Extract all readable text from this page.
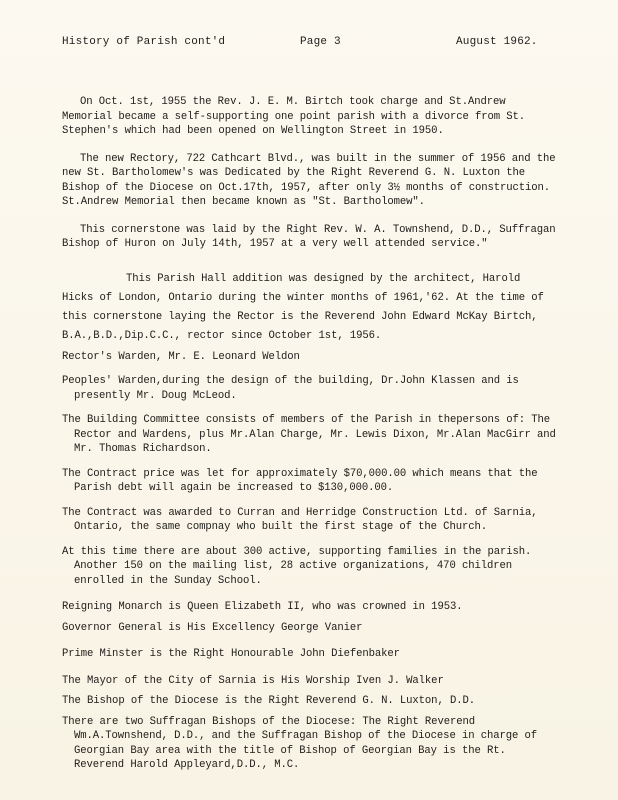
History of Parish cont'd	Page 3	August 1962.

On Oct. 1st, 1955 the Rev. J. E. M. Birtch took charge and St.Andrew Memorial became a self-supporting one point parish with a divorce from St. Stephen's which had been opened on Wellington Street in 1950.

The new Rectory, 722 Cathcart Blvd., was built in the summer of 1956 and the new St. Bartholomew's was Dedicated by the Right Reverend G. N. Luxton the Bishop of the Diocese on Oct.17th, 1957, after only 3½ months of construction. St.Andrew Memorial then became known as "St. Bartholomew".

This cornerstone was laid by the Right Rev. W. A. Townshend, D.D., Suffragan Bishop of Huron on July 14th, 1957 at a very well attended service."

This Parish Hall addition was designed by the architect, Harold Hicks of London, Ontario during the winter months of 1961,'62. At the time of this cornerstone laying the Rector is the Reverend John Edward McKay Birtch, B.A.,B.D.,Dip.C.C., rector since October 1st, 1956.

Rector's Warden, Mr. E. Leonard Weldon

Peoples' Warden,during the design of the building, Dr.John Klassen and is presently Mr. Doug McLeod.

The Building Committee consists of members of the Parish in thepersons of: The Rector and Wardens, plus Mr.Alan Charge, Mr. Lewis Dixon, Mr.Alan MacGirr and Mr. Thomas Richardson.

The Contract price was let for approximately $70,000.00 which means that the Parish debt will again be increased to $130,000.00.

The Contract was awarded to Curran and Herridge Construction Ltd. of Sarnia, Ontario, the same compnay who built the first stage of the Church.

At this time there are about 300 active, supporting families in the parish. Another 150 on the mailing list, 28 active organizations, 470 children enrolled in the Sunday School.

Reigning Monarch is Queen Elizabeth II, who was crowned in 1953.

Governor General is His Excellency George Vanier

Prime Minster is the Right Honourable John Diefenbaker

The Mayor of the City of Sarnia is His Worship Iven J. Walker

The Bishop of the Diocese is the Right Reverend G. N. Luxton, D.D.

There are two Suffragan Bishops of the Diocese: The Right Reverend Wm.A.Townshend, D.D., and the Suffragan Bishop of the Diocese in charge of Georgian Bay area with the title of Bishop of Georgian Bay is the Rt. Reverend Harold Appleyard,D.D., M.C.
